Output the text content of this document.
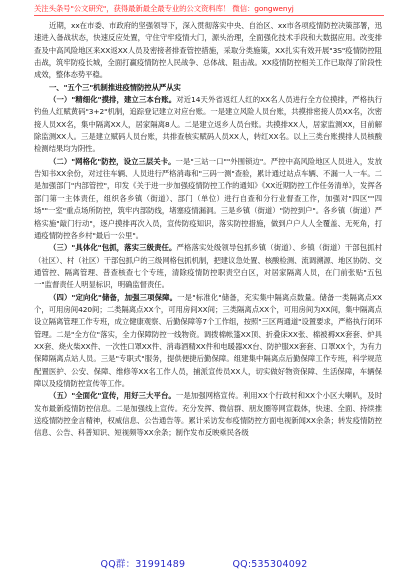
关注头条号"公文研究"，获得最新最全最专业的公文资料库！ 微信：gongwenyj

近期，xx在市委、市政府的坚强领导下，深入贯彻落实中央、自治区、xx市各项疫情防控决策部署，迅速进入备战状态，快速反应处置，守住守牢疫情大门，源头治理，全面强化技术手段和大数据应用。改变排查及中高风险地区来XX返XX人员及密接者排查管控措施，采取分类施策，XX扎实有效开展"3S"疫情防控阻击战，筑牢防疫长城，全面打赢疫情防控人民战争、总体战、阻击战。XX疫情防控相关工作已取得了阶段性成效，整体态势平稳。

一、"五个三"机制推进疫情防控从严从实

（一）"精细化"摸排，建立三本台账。对近14天外省返红人红的XX名人员进行全方位摸排，严格执行钓鱼人红赋黄码"3+2"机制，追踪登记建立对应台账。一是建立风险人员台账，共摸排密接人员XX名，次密接人员XX名，集中隔离XX人，居家隔离8人。二是建立返乡人员台账。共摸排XX人，居家监测XX，目前解除监测XX人。三是建立赋码人员台账，共排查核实赋码人员XX人，转红XX名。以上三类台账摸排人员核酸检测结果均为阴性。

（二）"网格化"防控，设立三层关卡。一是"三站一口""外围锁边"。严控中高风险地区人员进入，发放告知书XX余份，对过往车辆、人员进行严格消毒和"三码一测"查验，累计通过站点车辆、不漏一人一车。二是加强部门"内部管控"，印发《关于进一步加强疫情防控工作的通知》《XX近期防控工作任务清单》，发挥各部门第一主体责任，组织各乡镇（街道）、部门（单位）进行自查和分行业督查工作，加强对"四区""四场""一室"重点场所防控，筑牢内部防线，堵塞疫情漏洞。三是乡镇（街道）"防控到户"。各乡镇（街道）严格实施"敲门行动"，逐户摸排再次入员，宣传防疫知识，落实防控措施，做到户户人人全覆盖、无死角，打通疫情防控各乡村"最后一公里"。

（三）"具体化"包抓，落实三级责任。严格落实处级领导包抓乡镇（街道）、乡镇（街道）干部包抓村（社区）、村（社区）干部包抓户的三级网格包抓机制，把建议急处置、核酸检测、流调溯源、地区协防、交通管控、隔离管理、普查核查七个专班，清除疫情防控职责空白区，对居家隔离人员，在门前张贴"五包一"监督责任人明显标识，明确监督责任。

（四）"定向化"储备，加强三项保障。一是"标准化"储备，充实集中隔离点数量。储备一类隔离点XX个，可用房间420间；二类隔离点XX个，可用房间XX间；三类隔离点XX个，可用房间为XX间，集中隔离点设立隔离管理工作专班，成立健康观察、后勤保障等7个工作组，按照"三区两通道"设置要求，严格执行闭环管理。二是"全方位"落实，全力保障防控一线物资。调拨棉帐篷XX顶、折叠床XX张、棉被褥XX套套、炉具XX套、烧火柴XX件、一次性口罩XX件、消毒酒精XX件和电暖器XX台、防护服XX套套、口罩XX个，为有力保障隔离点站人员。三是"专职式"服务，提供便捷后勤保障。组建集中隔离点后勤保障工作专班，科学规范配置医护、公安、保障、维修等XX名工作人员，捕派宣传员XX人，切实做好物资保障、生活保障，车辆保障以及疫情防控宣传等工作。

（五）"全面化"宣传，用好三大平台。一是加强网格宣传。利用XX个行政村和XX个小区大喇叭，及时发布最新疫情防控信息。二是加强线上宣传。充分发挥、微信群、朋友圈等网宣载体，快速、全面、持续推送疫情防控金言精神，权威信息、公告通告等。累计采访发布疫情防控方面电视新闻XX余条；转发疫情防控信息、公告、科普知识、短视频等XX余条；制作发布反映乘民各级

QQ群：31991489	QQ:535304092
